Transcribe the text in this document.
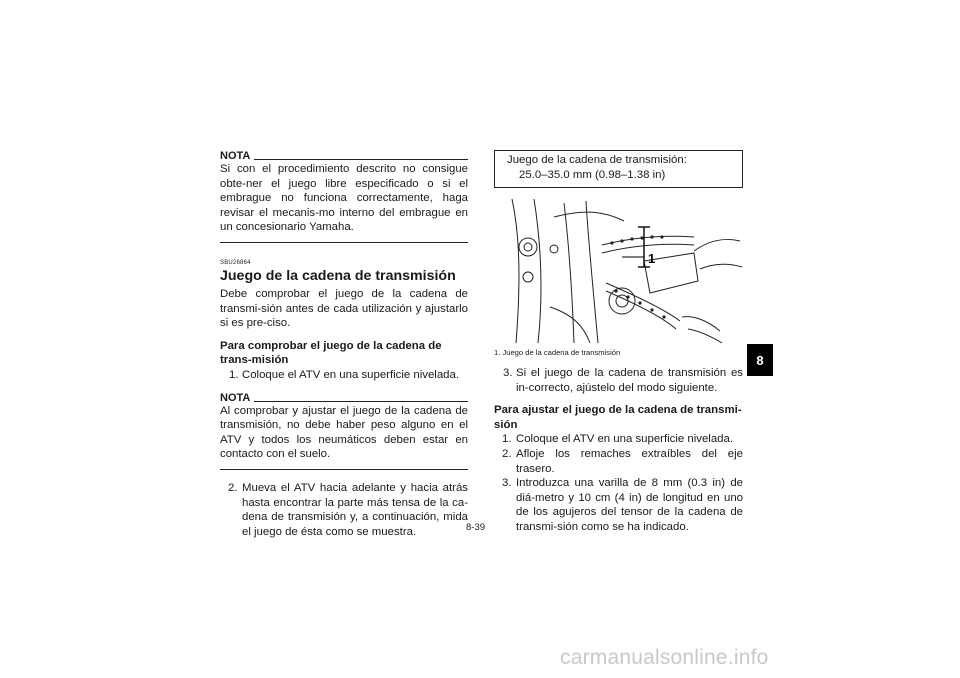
NOTA

Si con el procedimiento descrito no consigue obte-ner el juego libre especificado o si el embrague no funciona correctamente, haga revisar el mecanis-mo interno del embrague en un concesionario Yamaha.

SBU26864
Juego de la cadena de transmisión

Debe comprobar el juego de la cadena de transmi-sión antes de cada utilización y ajustarlo si es pre-ciso.

Para comprobar el juego de la cadena de trans-misión
1. Coloque el ATV en una superficie nivelada.
NOTA

Al comprobar y ajustar el juego de la cadena de transmisión, no debe haber peso alguno en el ATV y todos los neumáticos deben estar en contacto con el suelo.

2. Mueva el ATV hacia adelante y hacia atrás hasta encontrar la parte más tensa de la ca-dena de transmisión y, a continuación, mida el juego de ésta como se muestra.
Juego de la cadena de transmisión:
25.0–35.0 mm (0.98–1.38 in)
1
1. Juego de la cadena de transmisión
3. Si el juego de la cadena de transmisión es in-correcto, ajústelo del modo siguiente.
Para ajustar el juego de la cadena de transmi-sión
1. Coloque el ATV en una superficie nivelada.
2. Afloje los remaches extraíbles del eje trasero.
3. Introduzca una varilla de 8 mm (0.3 in) de diá-metro y 10 cm (4 in) de longitud en uno de los agujeros del tensor de la cadena de transmi-sión como se ha indicado.
8
8-39
carmanualsonline.info
